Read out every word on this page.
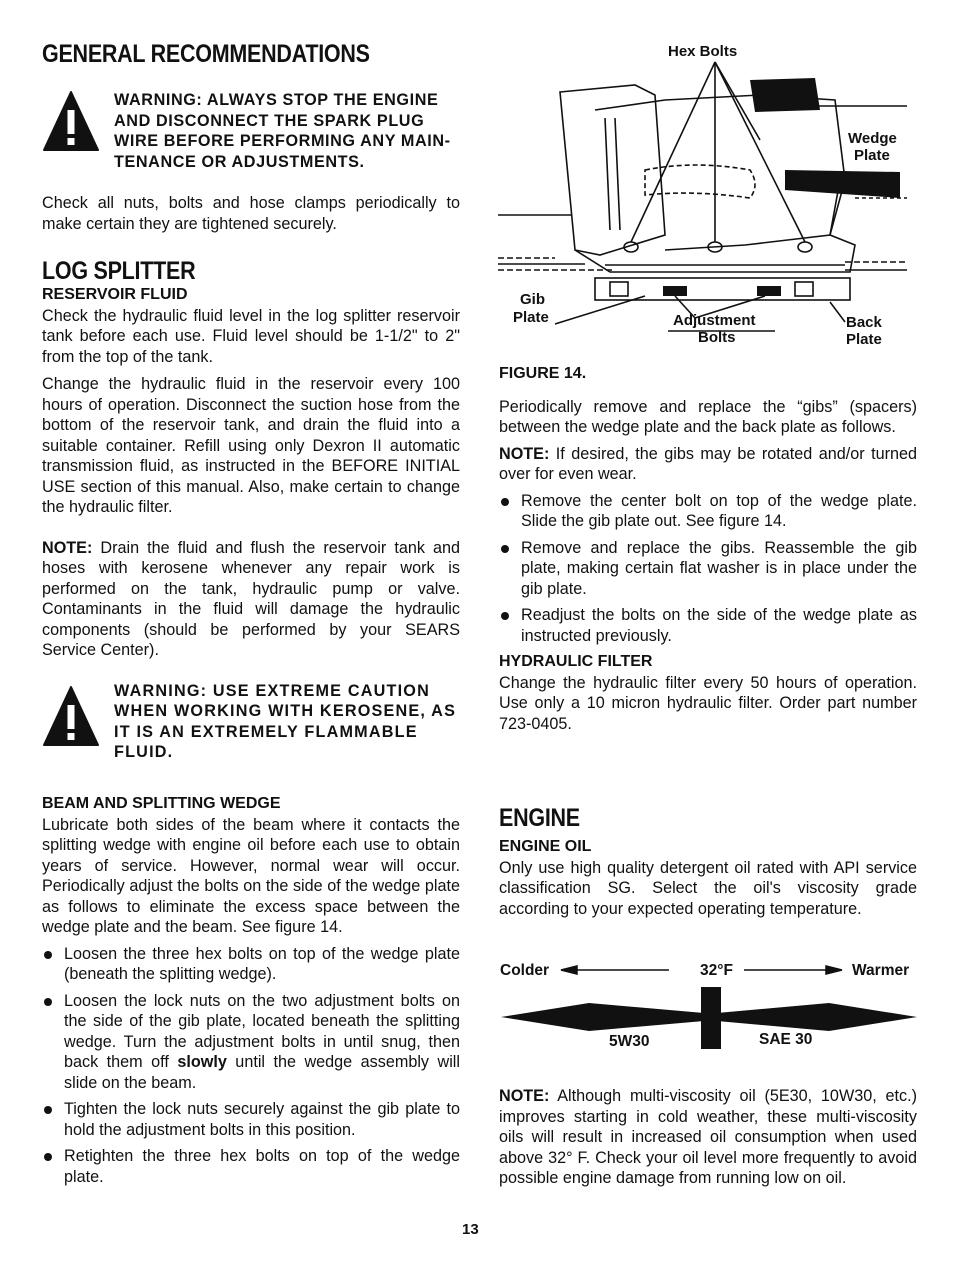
GENERAL RECOMMENDATIONS
WARNING: ALWAYS STOP THE ENGINE
AND DISCONNECT THE SPARK PLUG
WIRE BEFORE PERFORMING ANY MAIN-
TENANCE OR ADJUSTMENTS.

Check all nuts, bolts and hose clamps periodically to make certain they are tightened securely.

LOG SPLITTER
RESERVOIR FLUID

Check the hydraulic fluid level in the log splitter reservoir tank before each use. Fluid level should be 1-1/2" to 2" from the top of the tank.

Change the hydraulic fluid in the reservoir every 100 hours of operation. Disconnect the suction hose from the bottom of the reservoir tank, and drain the fluid into a suitable container. Refill using only Dexron II automatic transmission fluid, as instructed in the BEFORE INITIAL USE section of this manual. Also, make certain to change the hydraulic filter.

NOTE: Drain the fluid and flush the reservoir tank and hoses with kerosene whenever any repair work is performed on the tank, hydraulic pump or valve. Contaminants in the fluid will damage the hydraulic components (should be performed by your SEARS Service Center).

WARNING: USE EXTREME CAUTION
WHEN WORKING WITH KEROSENE, AS
IT IS AN EXTREMELY FLAMMABLE
FLUID.
BEAM AND SPLITTING WEDGE

Lubricate both sides of the beam where it contacts the splitting wedge with engine oil before each use to obtain years of service. However, normal wear will occur. Periodically adjust the bolts on the side of the wedge plate as follows to eliminate the excess space between the wedge plate and the beam. See figure 14.

Loosen the three hex bolts on top of the wedge plate (beneath the splitting wedge).
Loosen the lock nuts on the two adjustment bolts on the side of the gib plate, located beneath the splitting wedge. Turn the adjustment bolts in until snug, then back them off slowly until the wedge assembly will slide on the beam.
Tighten the lock nuts securely against the gib plate to hold the adjustment bolts in this position.
Retighten the three hex bolts on top of the wedge plate.
Hex Bolts
Wedge
Plate
Gib
Plate	Adjustment
Bolts
Back
Plate
FIGURE 14.

Periodically remove and replace the “gibs” (spacers) between the wedge plate and the back plate as follows.

NOTE: If desired, the gibs may be rotated and/or turned over for even wear.

Remove the center bolt on top of the wedge plate. Slide the gib plate out. See figure 14.
Remove and replace the gibs. Reassemble the gib plate, making certain flat washer is in place under the gib plate.
Readjust the bolts on the side of the wedge plate as instructed previously.
HYDRAULIC FILTER

Change the hydraulic filter every 50 hours of operation. Use only a 10 micron hydraulic filter. Order part number 723-0405.

ENGINE
ENGINE OIL

Only use high quality detergent oil rated with API service classification SG. Select the oil's viscosity grade according to your expected operating temperature.

Colder	32°F	Warmer
5W30	SAE 30

NOTE: Although multi-viscosity oil (5E30, 10W30, etc.) improves starting in cold weather, these multi-viscosity oils will result in increased oil consumption when used above 32° F. Check your oil level more frequently to avoid possible engine damage from running low on oil.

13
